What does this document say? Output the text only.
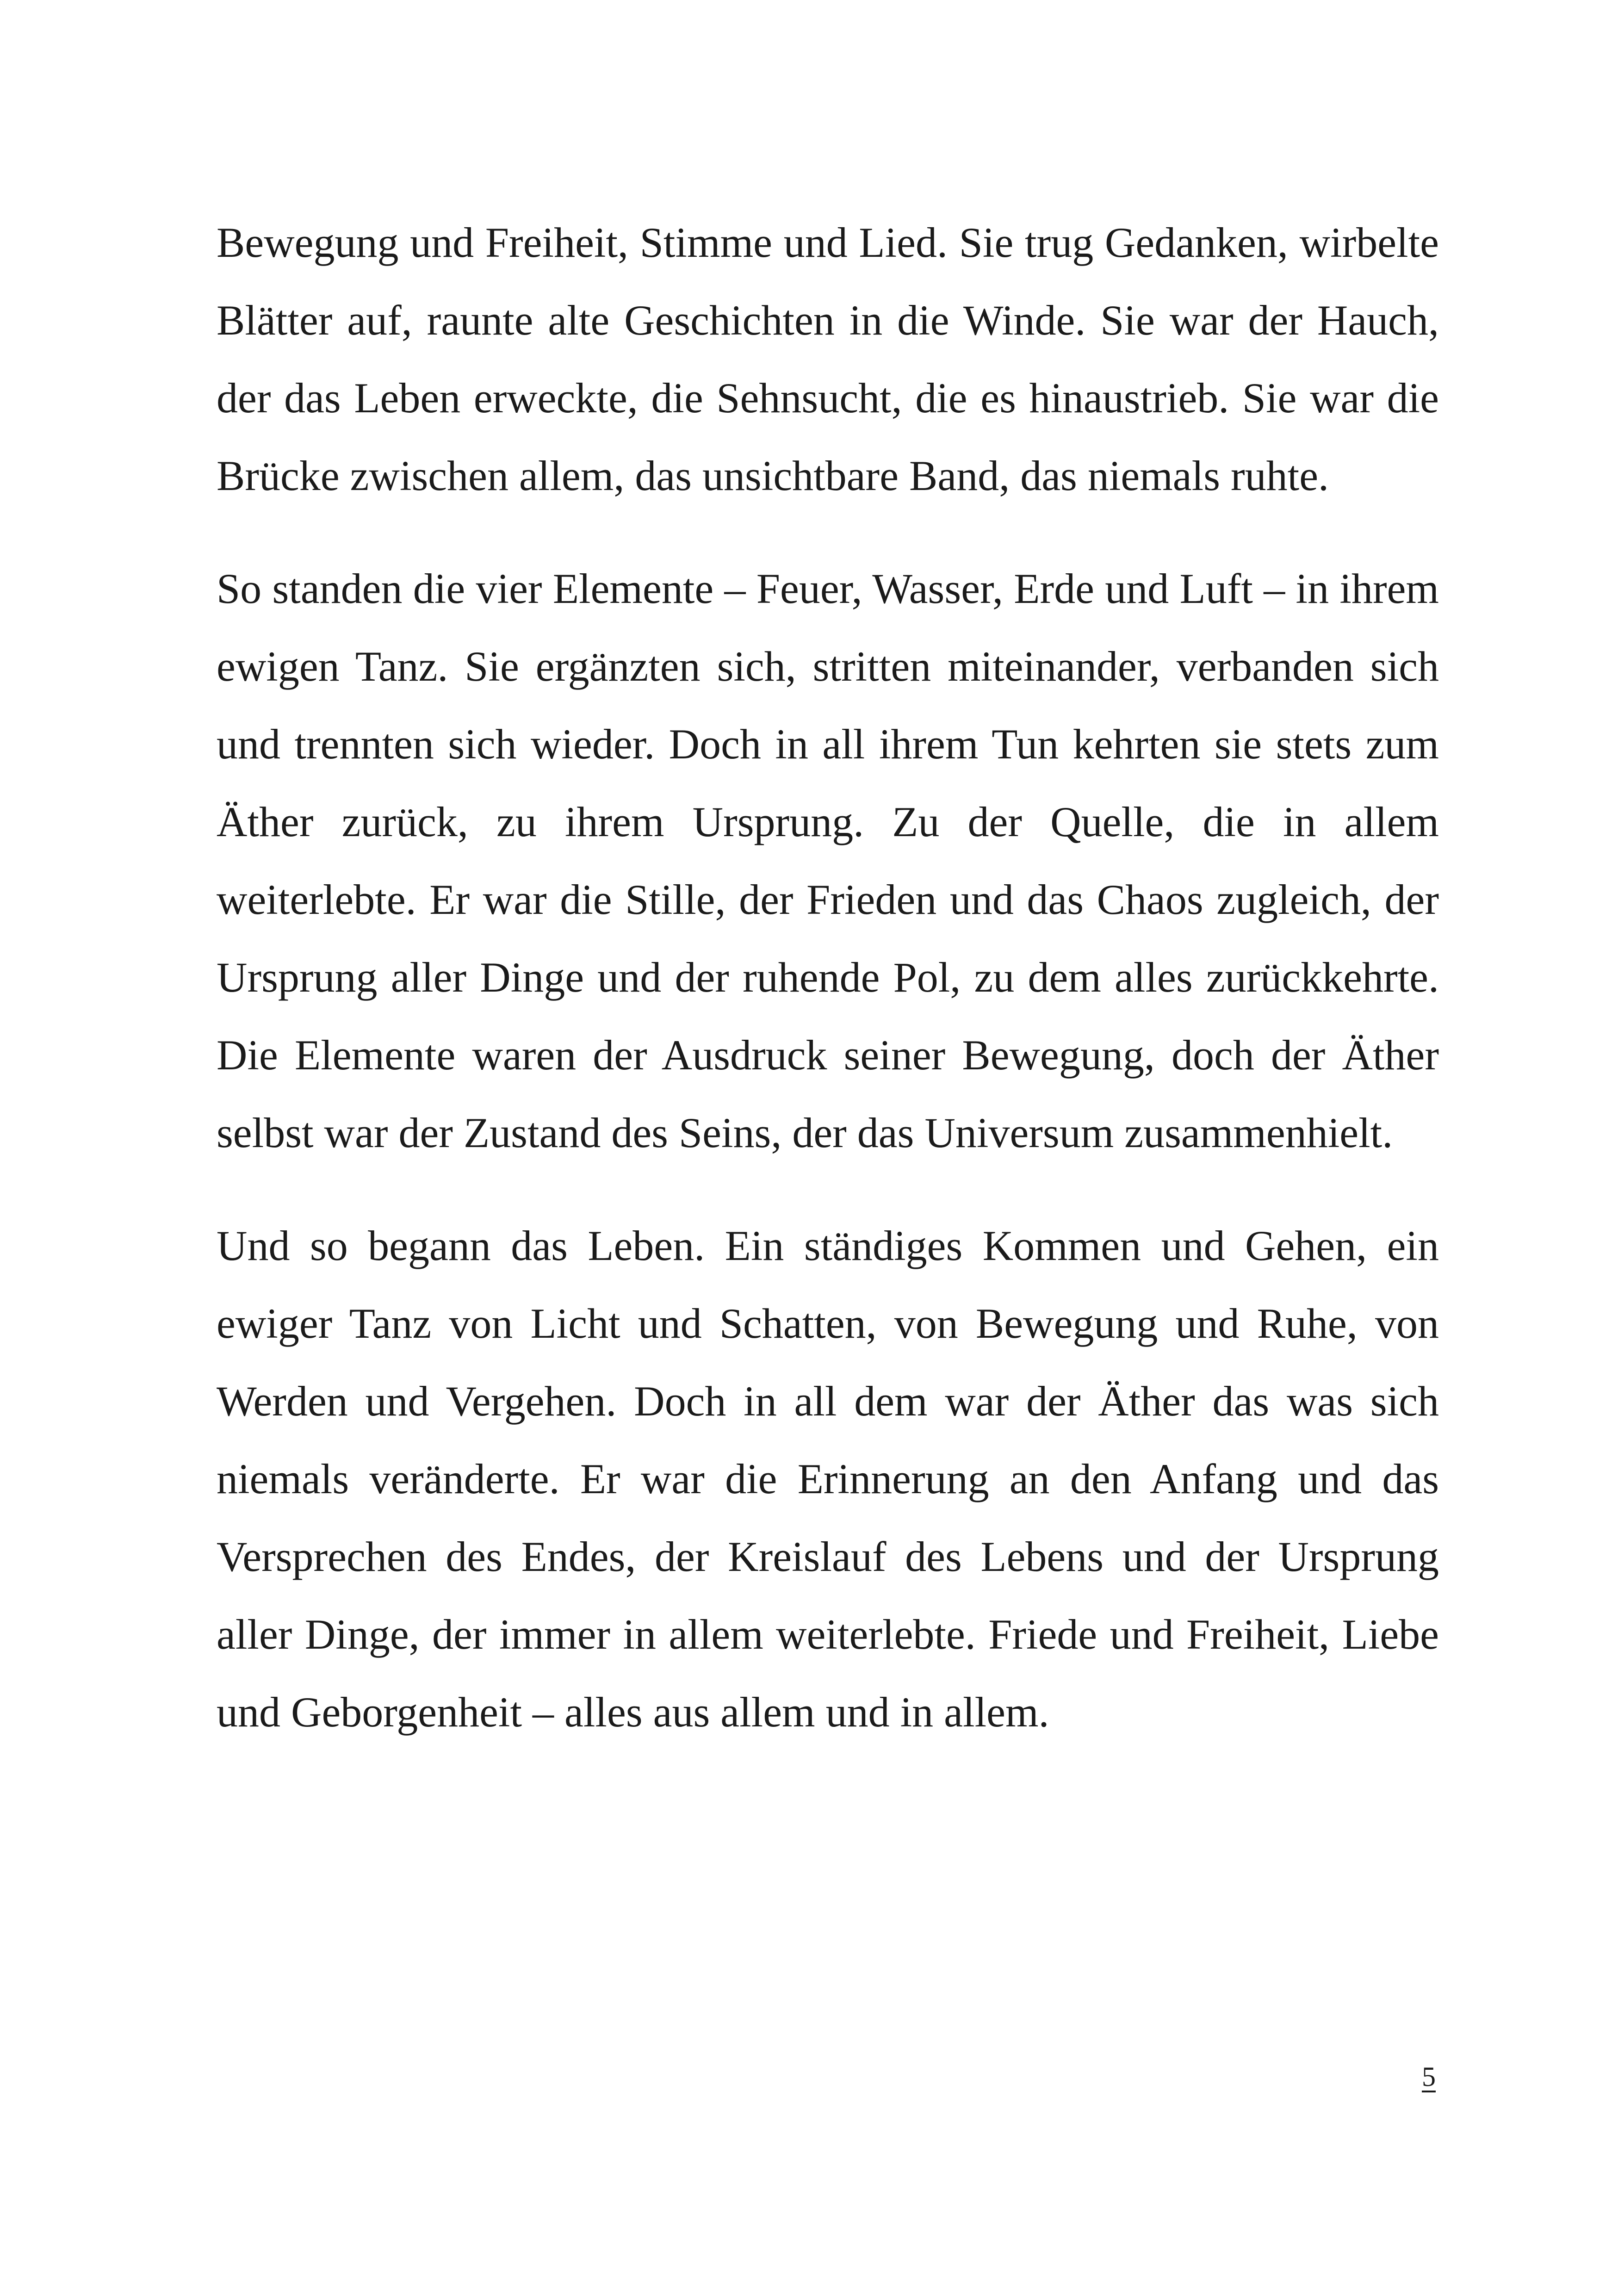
Bewegung und Freiheit, Stimme und Lied. Sie trug Gedanken, wirbelte Blätter auf, raunte alte Geschichten in die Winde. Sie war der Hauch, der das Leben erweckte, die Sehnsucht, die es hinaustrieb. Sie war die Brücke zwischen allem, das unsichtbare Band, das niemals ruhte.

So standen die vier Elemente – Feuer, Wasser, Erde und Luft – in ihrem ewigen Tanz. Sie ergänzten sich, stritten miteinander, verbanden sich und trennten sich wieder. Doch in all ihrem Tun kehrten sie stets zum Äther zurück, zu ihrem Ursprung. Zu der Quelle, die in allem weiterlebte. Er war die Stille, der Frieden und das Chaos zugleich, der Ursprung aller Dinge und der ruhende Pol, zu dem alles zurückkehrte. Die Elemente waren der Ausdruck seiner Bewegung, doch der Äther selbst war der Zustand des Seins, der das Universum zusammenhielt.

Und so begann das Leben. Ein ständiges Kommen und Gehen, ein ewiger Tanz von Licht und Schatten, von Bewegung und Ruhe, von Werden und Vergehen. Doch in all dem war der Äther das was sich niemals veränderte. Er war die Erinnerung an den Anfang und das Versprechen des Endes, der Kreislauf des Lebens und der Ursprung aller Dinge, der immer in allem weiterlebte. Friede und Freiheit, Liebe und Geborgenheit – alles aus allem und in allem.

5
